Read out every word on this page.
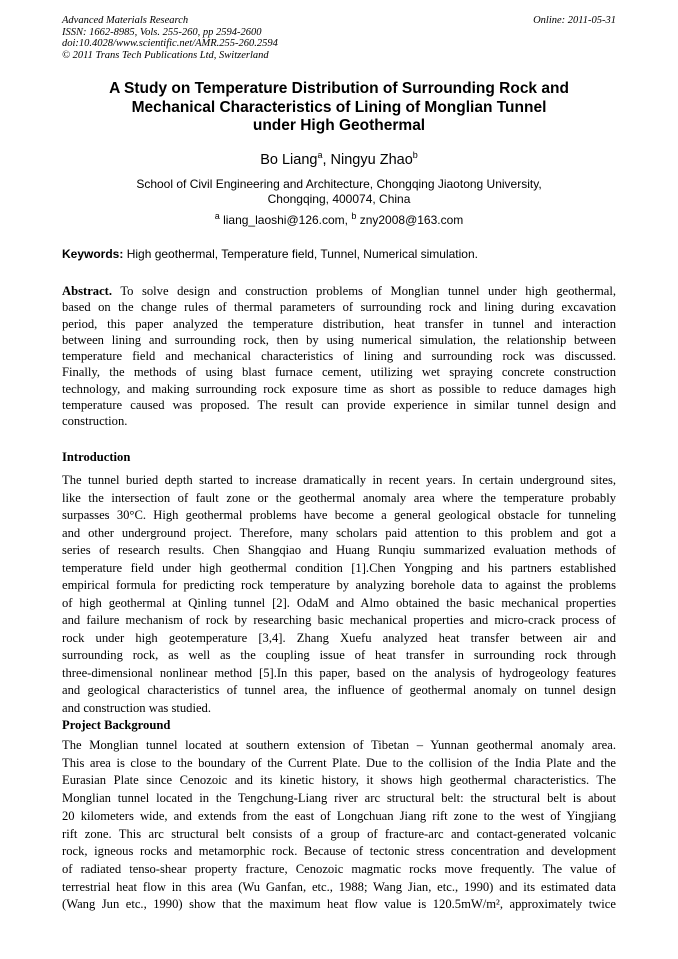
Advanced Materials Research
ISSN: 1662-8985, Vols. 255-260, pp 2594-2600
doi:10.4028/www.scientific.net/AMR.255-260.2594
© 2011 Trans Tech Publications Ltd, Switzerland
Online: 2011-05-31
A Study on Temperature Distribution of Surrounding Rock and
Mechanical Characteristics of Lining of Monglian Tunnel
under High Geothermal
Bo Liang$^a$, Ningyu Zhao$^b$
School of Civil Engineering and Architecture, Chongqing Jiaotong University,
Chongqing, 400074, China
$^a$ liang_laoshi@126.com, $^b$ zny2008@163.com
Keywords: High geothermal, Temperature field, Tunnel, Numerical simulation.
Abstract. To solve design and construction problems of Monglian tunnel under high geothermal,
based on the change rules of thermal parameters of surrounding rock and lining during excavation
period, this paper analyzed the temperature distribution, heat transfer in tunnel and interaction
between lining and surrounding rock, then by using numerical simulation, the relationship between
temperature field and mechanical characteristics of lining and surrounding rock was discussed.
Finally, the methods of using blast furnace cement, utilizing wet spraying concrete construction
technology, and making surrounding rock exposure time as short as possible to reduce damages high
temperature caused was proposed. The result can provide experience in similar tunnel design and
construction.
Introduction
The tunnel buried depth started to increase dramatically in recent years. In certain underground sites,
like the intersection of fault zone or the geothermal anomaly area where the temperature probably
surpasses 30°C. High geothermal problems have become a general geological obstacle for tunneling
and other underground project. Therefore, many scholars paid attention to this problem and got a
series of research results. Chen Shangqiao and Huang Runqiu summarized evaluation methods of
temperature field under high geothermal condition [1].Chen Yongping and his partners established
empirical formula for predicting rock temperature by analyzing borehole data to against the problems
of high geothermal at Qinling tunnel [2]. OdaM and Almo obtained the basic mechanical properties
and failure mechanism of rock by researching basic mechanical properties and micro-crack process of
rock under high geotemperature [3,4]. Zhang Xuefu analyzed heat transfer between air and
surrounding rock, as well as the coupling issue of heat transfer in surrounding rock through
three-dimensional nonlinear method [5].In this paper, based on the analysis of hydrogeology features
and geological characteristics of tunnel area, the influence of geothermal anomaly on tunnel design
and construction was studied.
Project Background
The Monglian tunnel located at southern extension of Tibetan – Yunnan geothermal anomaly area.
This area is close to the boundary of the Current Plate. Due to the collision of the India Plate and the
Eurasian Plate since Cenozoic and its kinetic history, it shows high geothermal characteristics. The
Monglian tunnel located in the Tengchung-Liang river arc structural belt: the structural belt is about
20 kilometers wide, and extends from the east of Longchuan Jiang rift zone to the west of Yingjiang
rift zone. This arc structural belt consists of a group of fracture-arc and contact-generated volcanic
rock, igneous rocks and metamorphic rock. Because of tectonic stress concentration and development
of radiated tenso-shear property fracture, Cenozoic magmatic rocks move frequently. The value of
terrestrial heat flow in this area (Wu Ganfan, etc., 1988; Wang Jian, etc., 1990) and its estimated data
(Wang Jun etc., 1990) show that the maximum heat flow value is 120.5mW/m², approximately twice
